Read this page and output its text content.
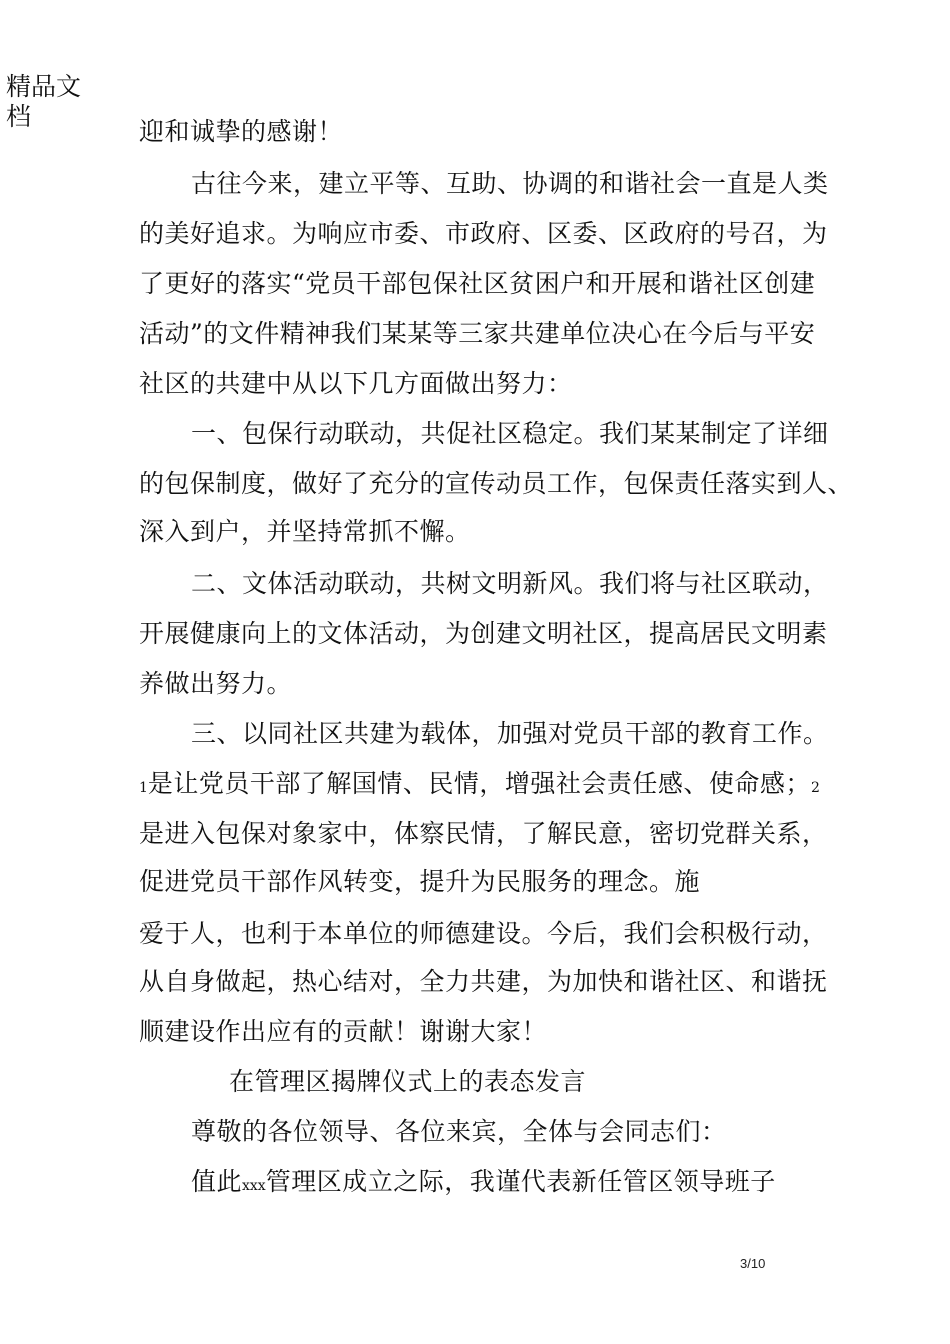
精品文档
迎和诚挚的感谢！
古往今来，建立平等、互助、协调的和谐社会一直是人类
的美好追求。为响应市委、市政府、区委、区政府的号召，为
了更好的落实“党员干部包保社区贫困户和开展和谐社区创建
活动”的文件精神我们某某等三家共建单位决心在今后与平安
社区的共建中从以下几方面做出努力：
一、包保行动联动，共促社区稳定。我们某某制定了详细
的包保制度，做好了充分的宣传动员工作，包保责任落实到人、
深入到户，并坚持常抓不懈。
二、文体活动联动，共树文明新风。我们将与社区联动，
开展健康向上的文体活动，为创建文明社区，提高居民文明素
养做出努力。
三、以同社区共建为载体，加强对党员干部的教育工作。
1是让党员干部了解国情、民情，增强社会责任感、使命感；2
是进入包保对象家中，体察民情，了解民意，密切党群关系，
促进党员干部作风转变，提升为民服务的理念。施
爱于人，也利于本单位的师德建设。今后，我们会积极行动，
从自身做起，热心结对，全力共建，为加快和谐社区、和谐抚
顺建设作出应有的贡献！谢谢大家！
在管理区揭牌仪式上的表态发言
尊敬的各位领导、各位来宾，全体与会同志们：
值此xxx管理区成立之际，我谨代表新任管区领导班子
3/10
